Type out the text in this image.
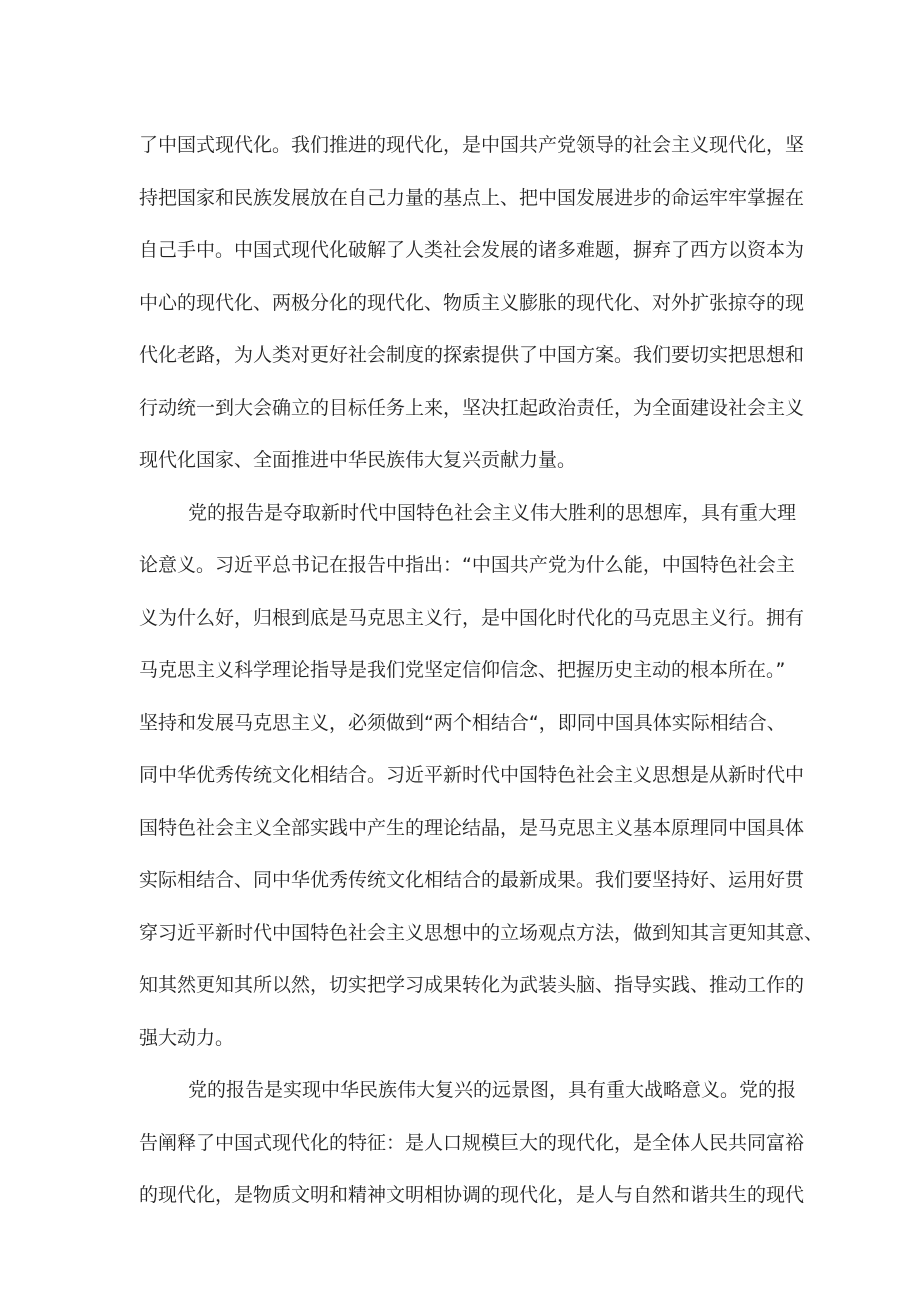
了中国式现代化。我们推进的现代化，是中国共产党领导的社会主义现代化，坚
持把国家和民族发展放在自己力量的基点上、把中国发展进步的命运牢牢掌握在
自己手中。中国式现代化破解了人类社会发展的诸多难题，摒弃了西方以资本为
中心的现代化、两极分化的现代化、物质主义膨胀的现代化、对外扩张掠夺的现
代化老路，为人类对更好社会制度的探索提供了中国方案。我们要切实把思想和
行动统一到大会确立的目标任务上来，坚决扛起政治责任，为全面建设社会主义
现代化国家、全面推进中华民族伟大复兴贡献力量。
党的报告是夺取新时代中国特色社会主义伟大胜利的思想库，具有重大理
论意义。习近平总书记在报告中指出：“中国共产党为什么能，中国特色社会主
义为什么好，归根到底是马克思主义行，是中国化时代化的马克思主义行。拥有
马克思主义科学理论指导是我们党坚定信仰信念、把握历史主动的根本所在。”
坚持和发展马克思主义，必须做到“两个相结合“，即同中国具体实际相结合、
同中华优秀传统文化相结合。习近平新时代中国特色社会主义思想是从新时代中
国特色社会主义全部实践中产生的理论结晶，是马克思主义基本原理同中国具体
实际相结合、同中华优秀传统文化相结合的最新成果。我们要坚持好、运用好贯
穿习近平新时代中国特色社会主义思想中的立场观点方法，做到知其言更知其意、
知其然更知其所以然，切实把学习成果转化为武装头脑、指导实践、推动工作的
强大动力。
党的报告是实现中华民族伟大复兴的远景图，具有重大战略意义。党的报
告阐释了中国式现代化的特征：是人口规模巨大的现代化，是全体人民共同富裕
的现代化，是物质文明和精神文明相协调的现代化，是人与自然和谐共生的现代
